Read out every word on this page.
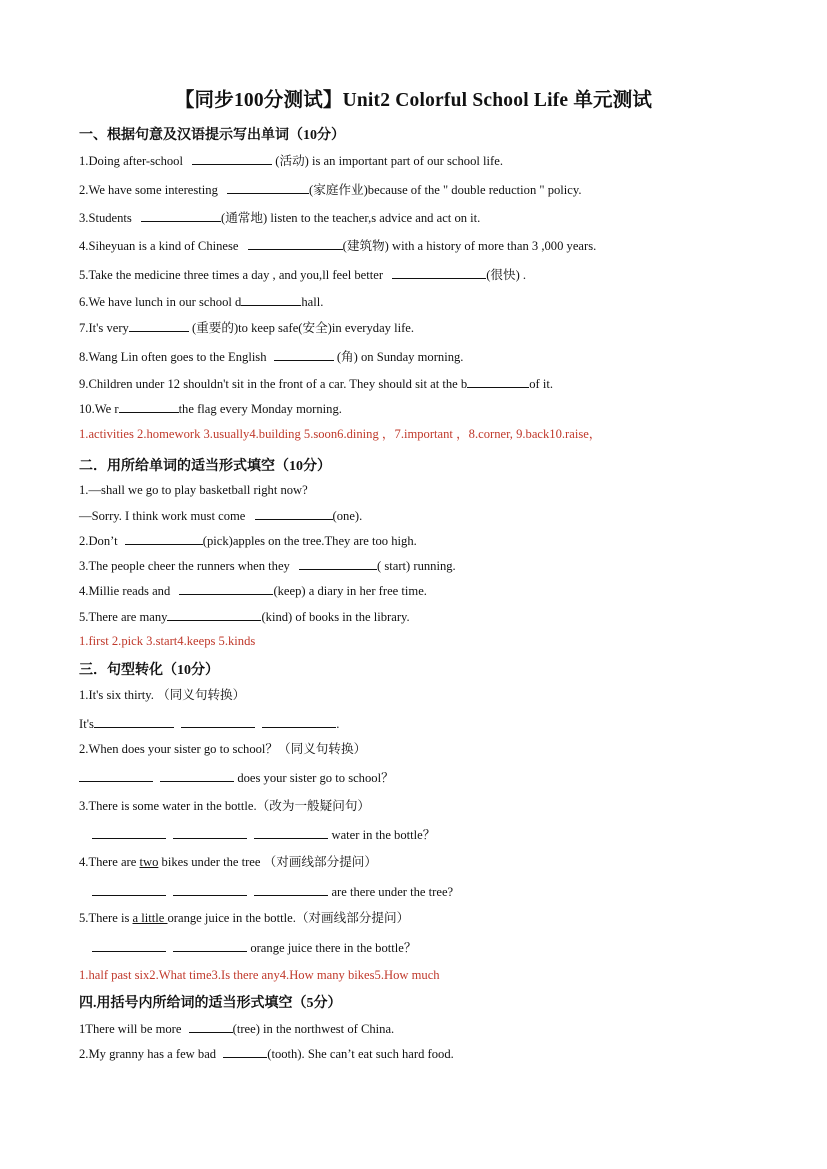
【同步100分测试】Unit2 Colorful School Life 单元测试
一、根据句意及汉语提示写出单词（10分）
1.Doing after-school	(活动) is an important part of our school life.
2.We have some interesting	(家庭作业)because of the " double reduction " policy.
3.Students	(通常地) listen to the teacher,s advice and act on it.
4.Siheyuan is a kind of Chinese	(建筑物) with a history of more than 3 ,000 years.
5.Take the medicine three times a day , and you,ll feel better	(很快) .
6.We have lunch in our school d	hall.
7.It's very	(重要的)to keep safe(安全)in everyday life.
8.Wang Lin often goes to the English	(角) on Sunday morning.
9.Children under 12 shouldn't sit in the front of a car. They should sit at the b	of it.
10.We r	the flag every Monday morning.
1.activities 2.homework 3.usually4.building 5.soon6.dining ，7.important ，8.corner, 9.back10.raise，
二．用所给单词的适当形式填空（10分）
1.—shall we go to play basketball right now?
—Sorry. I think work must come	(one).
2.Don’t	(pick)apples on the tree.They are too high.
3.The people cheer the runners when they	( start) running.
4.Millie reads and	(keep) a diary in her free time.
5.There are many	(kind) of books in the library.
1.first 2.pick 3.start4.keeps 5.kinds
三．句型转化（10分）
1.It's six thirty. （同义句转换）
It's	.
2.When does your sister go to school？（同义句转换）
does your sister go to school？
3.There is some water in the bottle.（改为一般疑问句）
water in the bottle？
4.There are two bikes under the tree （对画线部分提问）
are there under the tree?
5.There is a little orange juice in the bottle.（对画线部分提问）
orange juice there in the bottle？
1.half past six2.What time3.Is there any4.How many bikes5.How much
四.用括号内所给词的适当形式填空（5分）
1There will be more	(tree) in the northwest of China.
2.My granny has a few bad	(tooth). She can’t eat such hard food.
